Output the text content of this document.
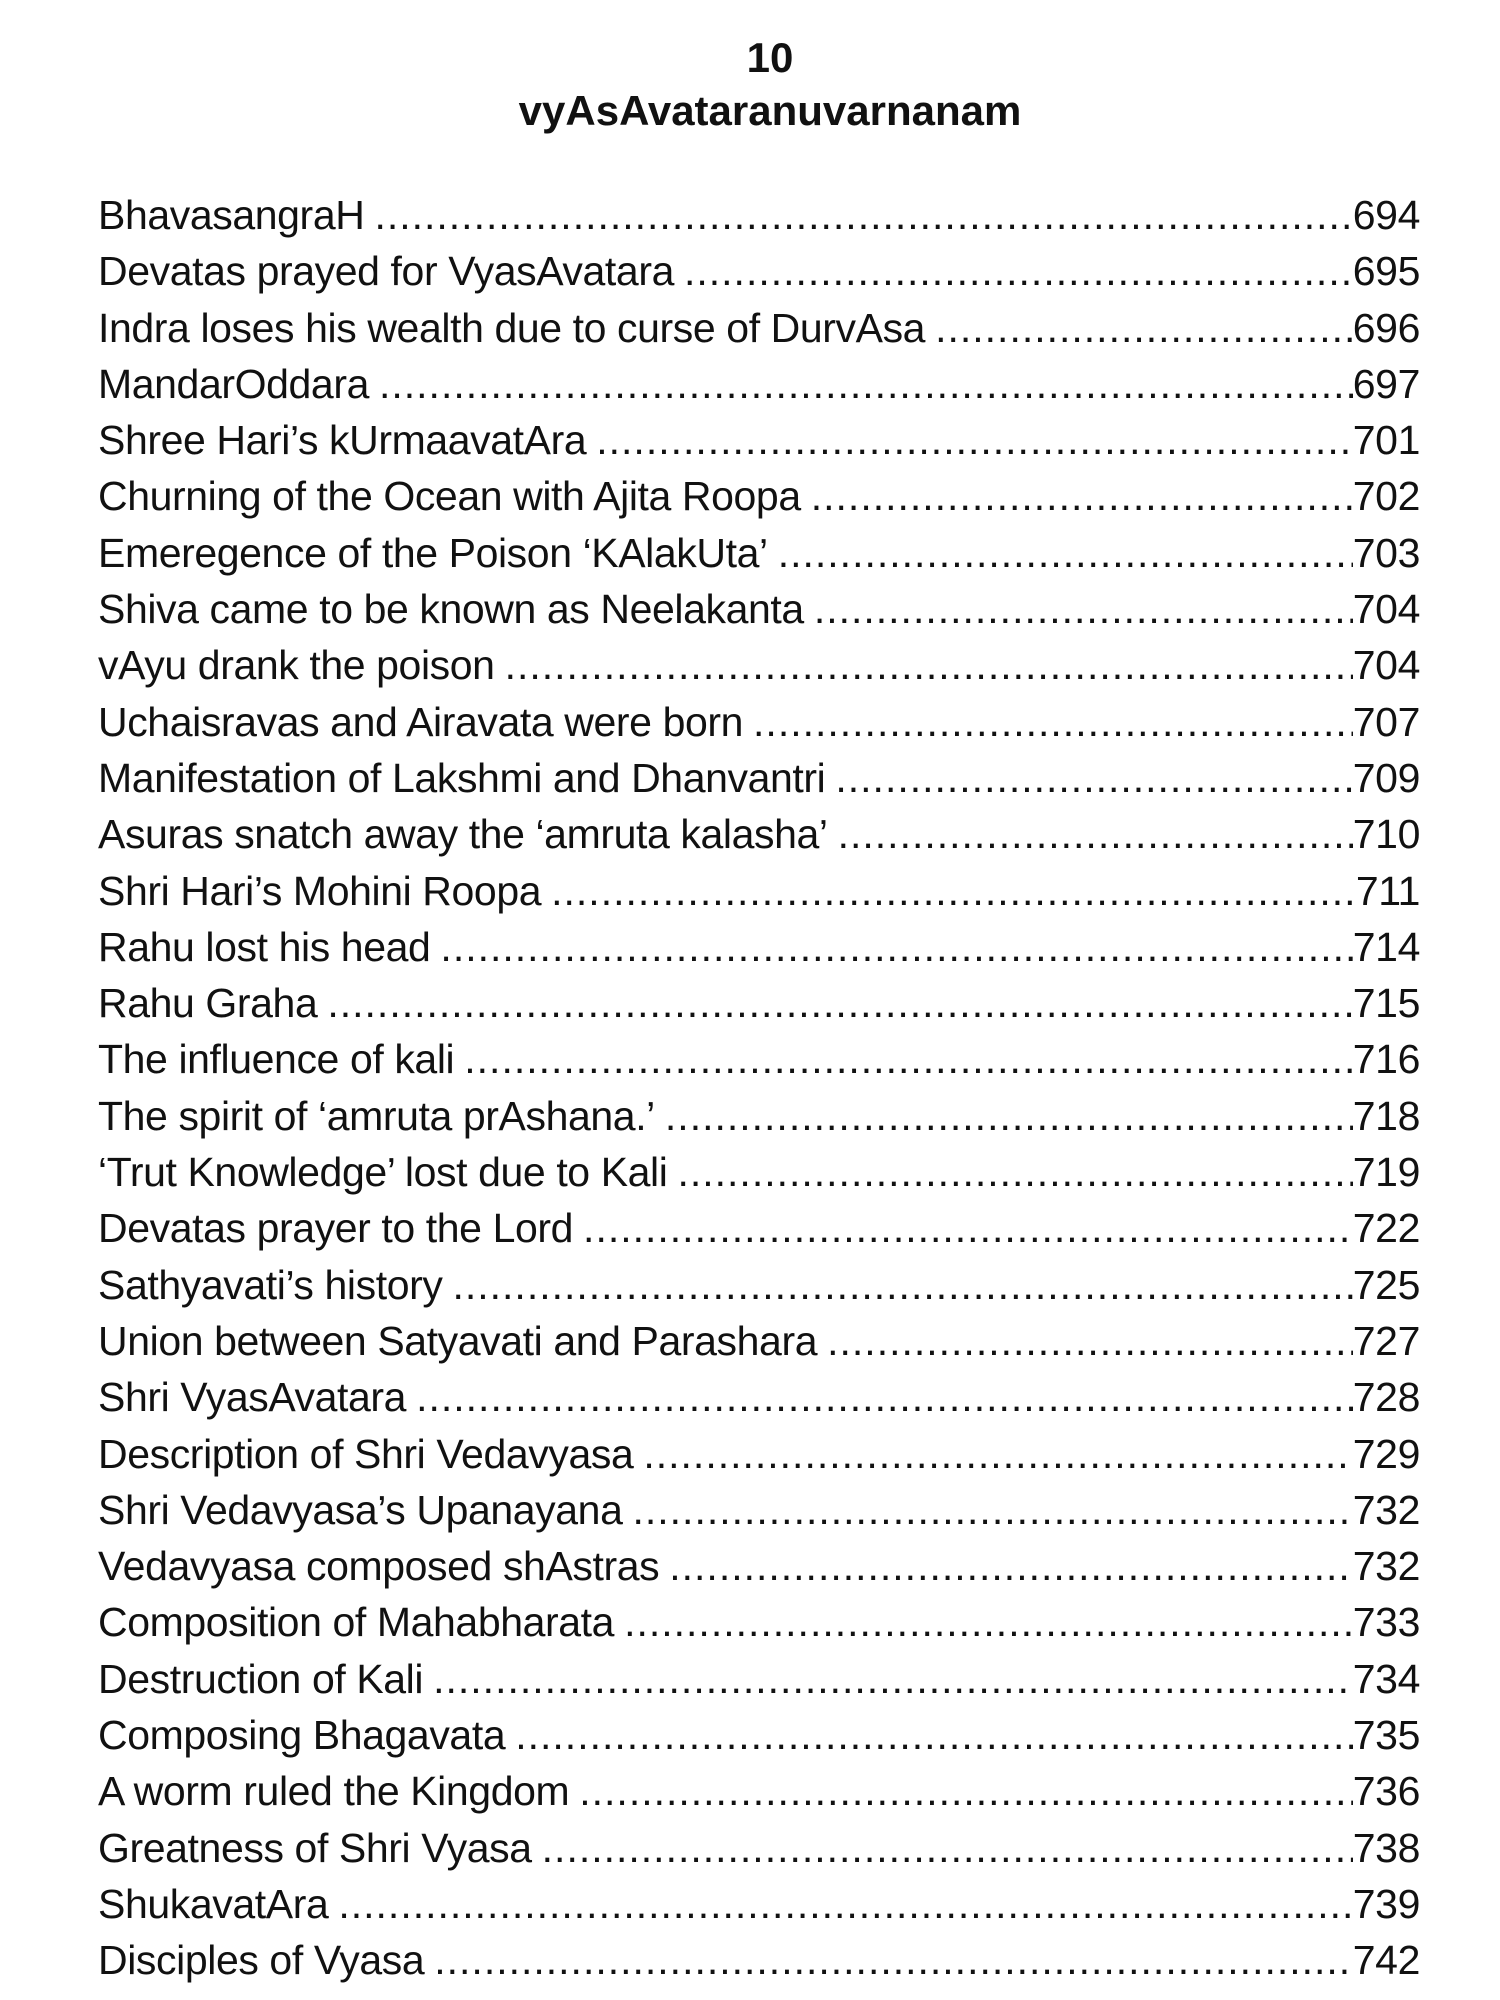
10
vyAsAvataranuvarnanam
BhavasangraH .....	694
Devatas prayed for VyasAvatara .....	695
Indra loses his wealth due to curse of DurvAsa .....	696
MandarOddara .....	697
Shree Hari’s kUrmaavatAra .....	701
Churning of the Ocean with Ajita Roopa .....	702
Emeregence of the Poison ‘KAlakUta’ .....	703
Shiva came to be known as Neelakanta .....	704
vAyu drank the poison .....	704
Uchaisravas and Airavata were born .....	707
Manifestation of Lakshmi and Dhanvantri .....	709
Asuras snatch away the ‘amruta kalasha’ .....	710
Shri Hari’s Mohini Roopa .....	711
Rahu lost his head .....	714
Rahu Graha .....	715
The influence of kali .....	716
The spirit of ‘amruta prAshana.’ .....	718
‘Trut Knowledge’ lost due to Kali .....	719
Devatas prayer to the Lord .....	722
Sathyavati’s history .....	725
Union between Satyavati and Parashara .....	727
Shri VyasAvatara .....	728
Description of Shri Vedavyasa .....	729
Shri Vedavyasa’s Upanayana .....	732
Vedavyasa composed shAstras .....	732
Composition of Mahabharata .....	733
Destruction of Kali .....	734
Composing Bhagavata .....	735
A worm ruled the Kingdom .....	736
Greatness of Shri Vyasa .....	738
ShukavatAra .....	739
Disciples of Vyasa .....	742
